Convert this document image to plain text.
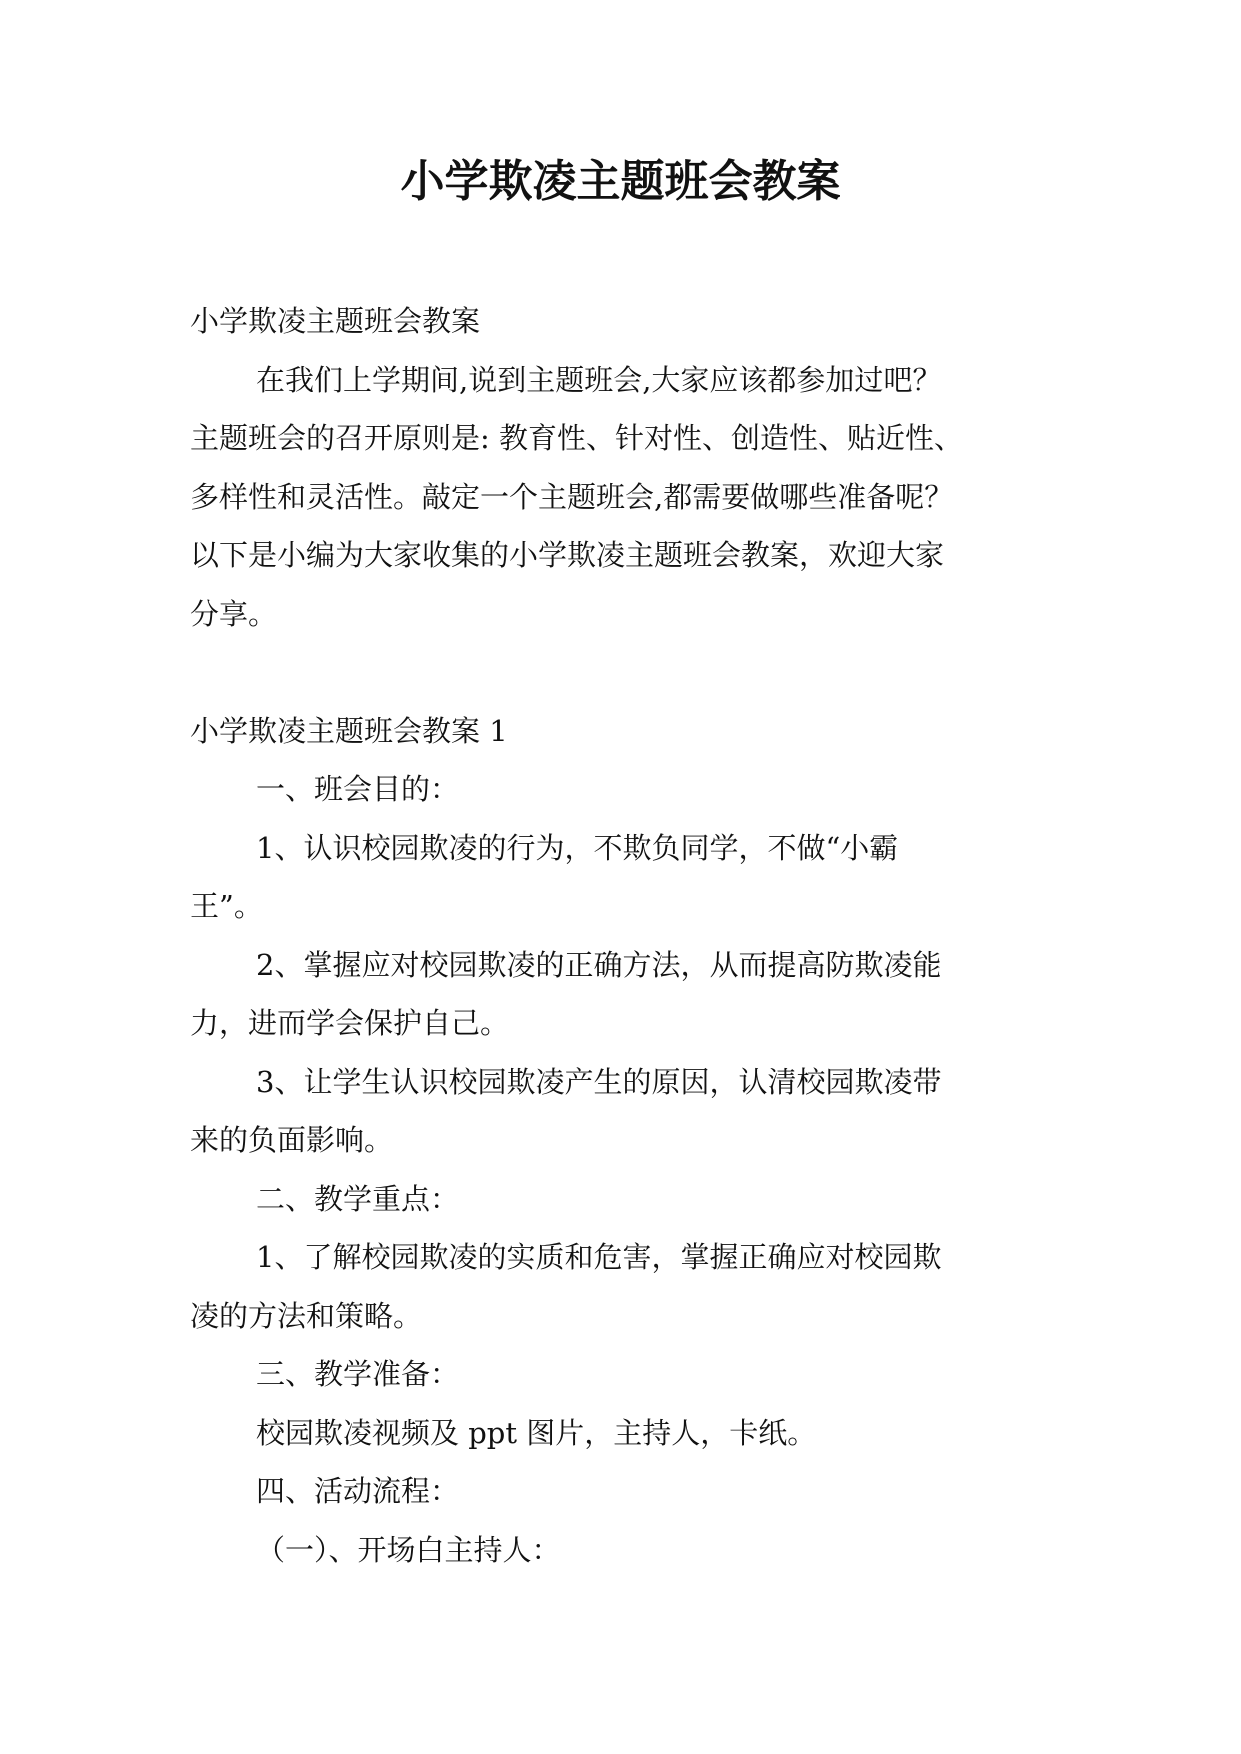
小学欺凌主题班会教案
小学欺凌主题班会教案
在我们上学期间,说到主题班会,大家应该都参加过吧？
主题班会的召开原则是: 教育性、针对性、创造性、贴近性、
多样性和灵活性。敲定一个主题班会,都需要做哪些准备呢？
以下是小编为大家收集的小学欺凌主题班会教案，欢迎大家
分享。
小学欺凌主题班会教案 1
一、班会目的：
1、认识校园欺凌的行为，不欺负同学，不做“小霸
王”。
2、掌握应对校园欺凌的正确方法，从而提高防欺凌能
力，进而学会保护自己。
3、让学生认识校园欺凌产生的原因，认清校园欺凌带
来的负面影响。
二、教学重点：
1、了解校园欺凌的实质和危害，掌握正确应对校园欺
凌的方法和策略。
三、教学准备：
校园欺凌视频及 ppt 图片，主持人，卡纸。
四、活动流程：
（一）、开场白主持人：
